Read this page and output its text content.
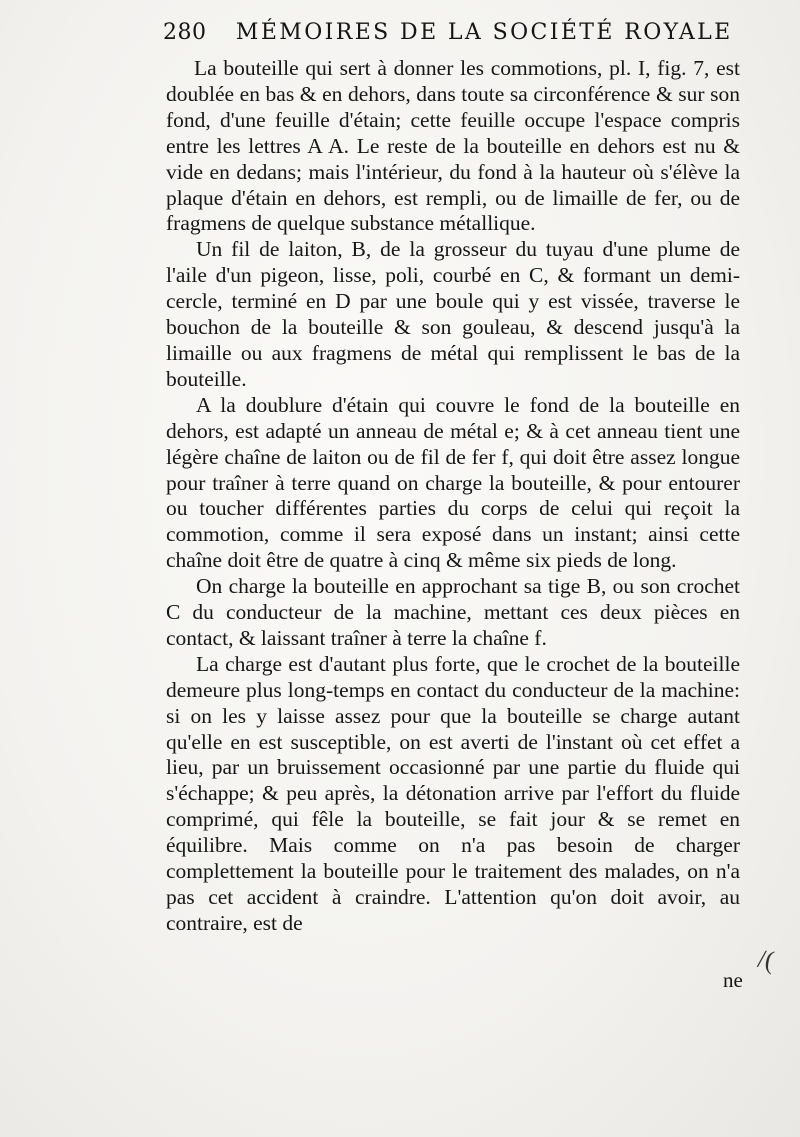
280 MÉMOIRES DE LA SOCIÉTÉ ROYALE

La bouteille qui sert à donner les commotions, pl. I, fig. 7, est doublée en bas & en dehors, dans toute sa circonférence & sur son fond, d'une feuille d'étain; cette feuille occupe l'espace compris entre les lettres A A. Le reste de la bouteille en dehors est nu & vide en dedans; mais l'intérieur, du fond à la hauteur où s'élève la plaque d'étain en dehors, est rempli, ou de limaille de fer, ou de fragmens de quelque substance métallique.

Un fil de laiton, B, de la grosseur du tuyau d'une plume de l'aile d'un pigeon, lisse, poli, courbé en C, & formant un demi-cercle, terminé en D par une boule qui y est vissée, traverse le bouchon de la bouteille & son gouleau, & descend jusqu'à la limaille ou aux fragmens de métal qui remplissent le bas de la bouteille.

A la doublure d'étain qui couvre le fond de la bouteille en dehors, est adapté un anneau de métal e; & à cet anneau tient une légère chaîne de laiton ou de fil de fer f, qui doit être assez longue pour traîner à terre quand on charge la bouteille, & pour entourer ou toucher différentes parties du corps de celui qui reçoit la commotion, comme il sera exposé dans un instant; ainsi cette chaîne doit être de quatre à cinq & même six pieds de long.

On charge la bouteille en approchant sa tige B, ou son crochet C du conducteur de la machine, mettant ces deux pièces en contact, & laissant traîner à terre la chaîne f.

La charge est d'autant plus forte, que le crochet de la bouteille demeure plus long-temps en contact du conducteur de la machine: si on les y laisse assez pour que la bouteille se charge autant qu'elle en est susceptible, on est averti de l'instant où cet effet a lieu, par un bruissement occasionné par une partie du fluide qui s'échappe; & peu après, la détonation arrive par l'effort du fluide comprimé, qui fêle la bouteille, se fait jour & se remet en équilibre. Mais comme on n'a pas besoin de charger complettement la bouteille pour le traitement des malades, on n'a pas cet accident à craindre. L'attention qu'on doit avoir, au contraire, est de

ne
/(
